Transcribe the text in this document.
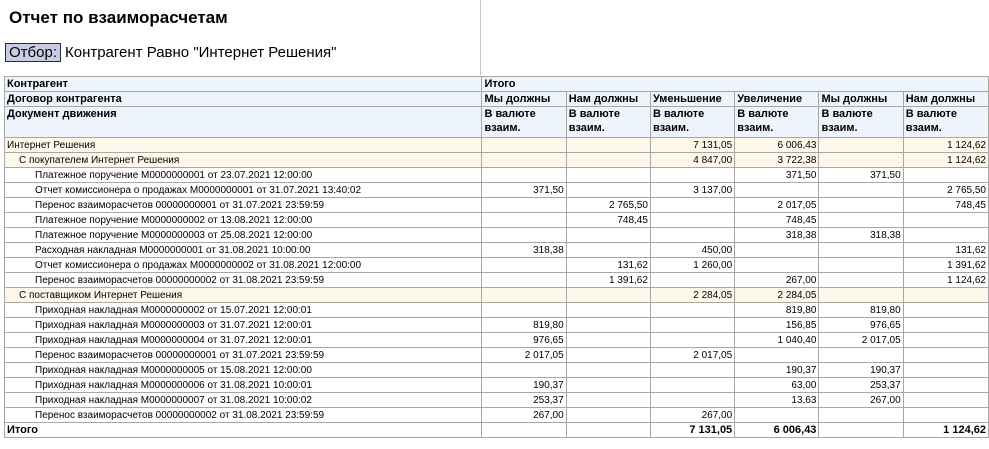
Отчет по взаиморасчетам
Отбор: Контрагент Равно "Интернет Решения"
Контрагент	Итого					
Договор контрагента	Мы должны	Нам должны	Уменьшение	Увеличение	Мы должны	Нам должны
Документ движения	В валюте взаим.	В валюте взаим.	В валюте взаим.	В валюте взаим.	В валюте взаим.	В валюте взаим.
Интернет Решения			7 131,05	6 006,43		1 124,62
С покупателем Интернет Решения			4 847,00	3 722,38		1 124,62
Платежное поручение М0000000001 от 23.07.2021 12:00:00				371,50	371,50	
Отчет комиссионера о продажах М0000000001 от 31.07.2021 13:40:02	371,50		3 137,00			2 765,50
Перенос взаиморасчетов 00000000001 от 31.07.2021 23:59:59		2 765,50		2 017,05		748,45
Платежное поручение М0000000002 от 13.08.2021 12:00:00		748,45		748,45		
Платежное поручение М0000000003 от 25.08.2021 12:00:00				318,38	318,38	
Расходная накладная М0000000001 от 31.08.2021 10:00:00	318,38		450,00			131,62
Отчет комиссионера о продажах М0000000002 от 31.08.2021 12:00:00		131,62	1 260,00			1 391,62
Перенос взаиморасчетов 00000000002 от 31.08.2021 23:59:59		1 391,62		267,00		1 124,62
С поставщиком Интернет Решения			2 284,05	2 284,05		
Приходная накладная М0000000002 от 15.07.2021 12:00:01				819,80	819,80	
Приходная накладная М0000000003 от 31.07.2021 12:00:01	819,80			156,85	976,65	
Приходная накладная М0000000004 от 31.07.2021 12:00:01	976,65			1 040,40	2 017,05	
Перенос взаиморасчетов 00000000001 от 31.07.2021 23:59:59	2 017,05		2 017,05			
Приходная накладная М0000000005 от 15.08.2021 12:00:00				190,37	190,37	
Приходная накладная М0000000006 от 31.08.2021 10:00:01	190,37			63,00	253,37	
Приходная накладная М0000000007 от 31.08.2021 10:00:02	253,37			13,63	267,00	
Перенос взаиморасчетов 00000000002 от 31.08.2021 23:59:59	267,00		267,00			
Итого			7 131,05	6 006,43		1 124,62
